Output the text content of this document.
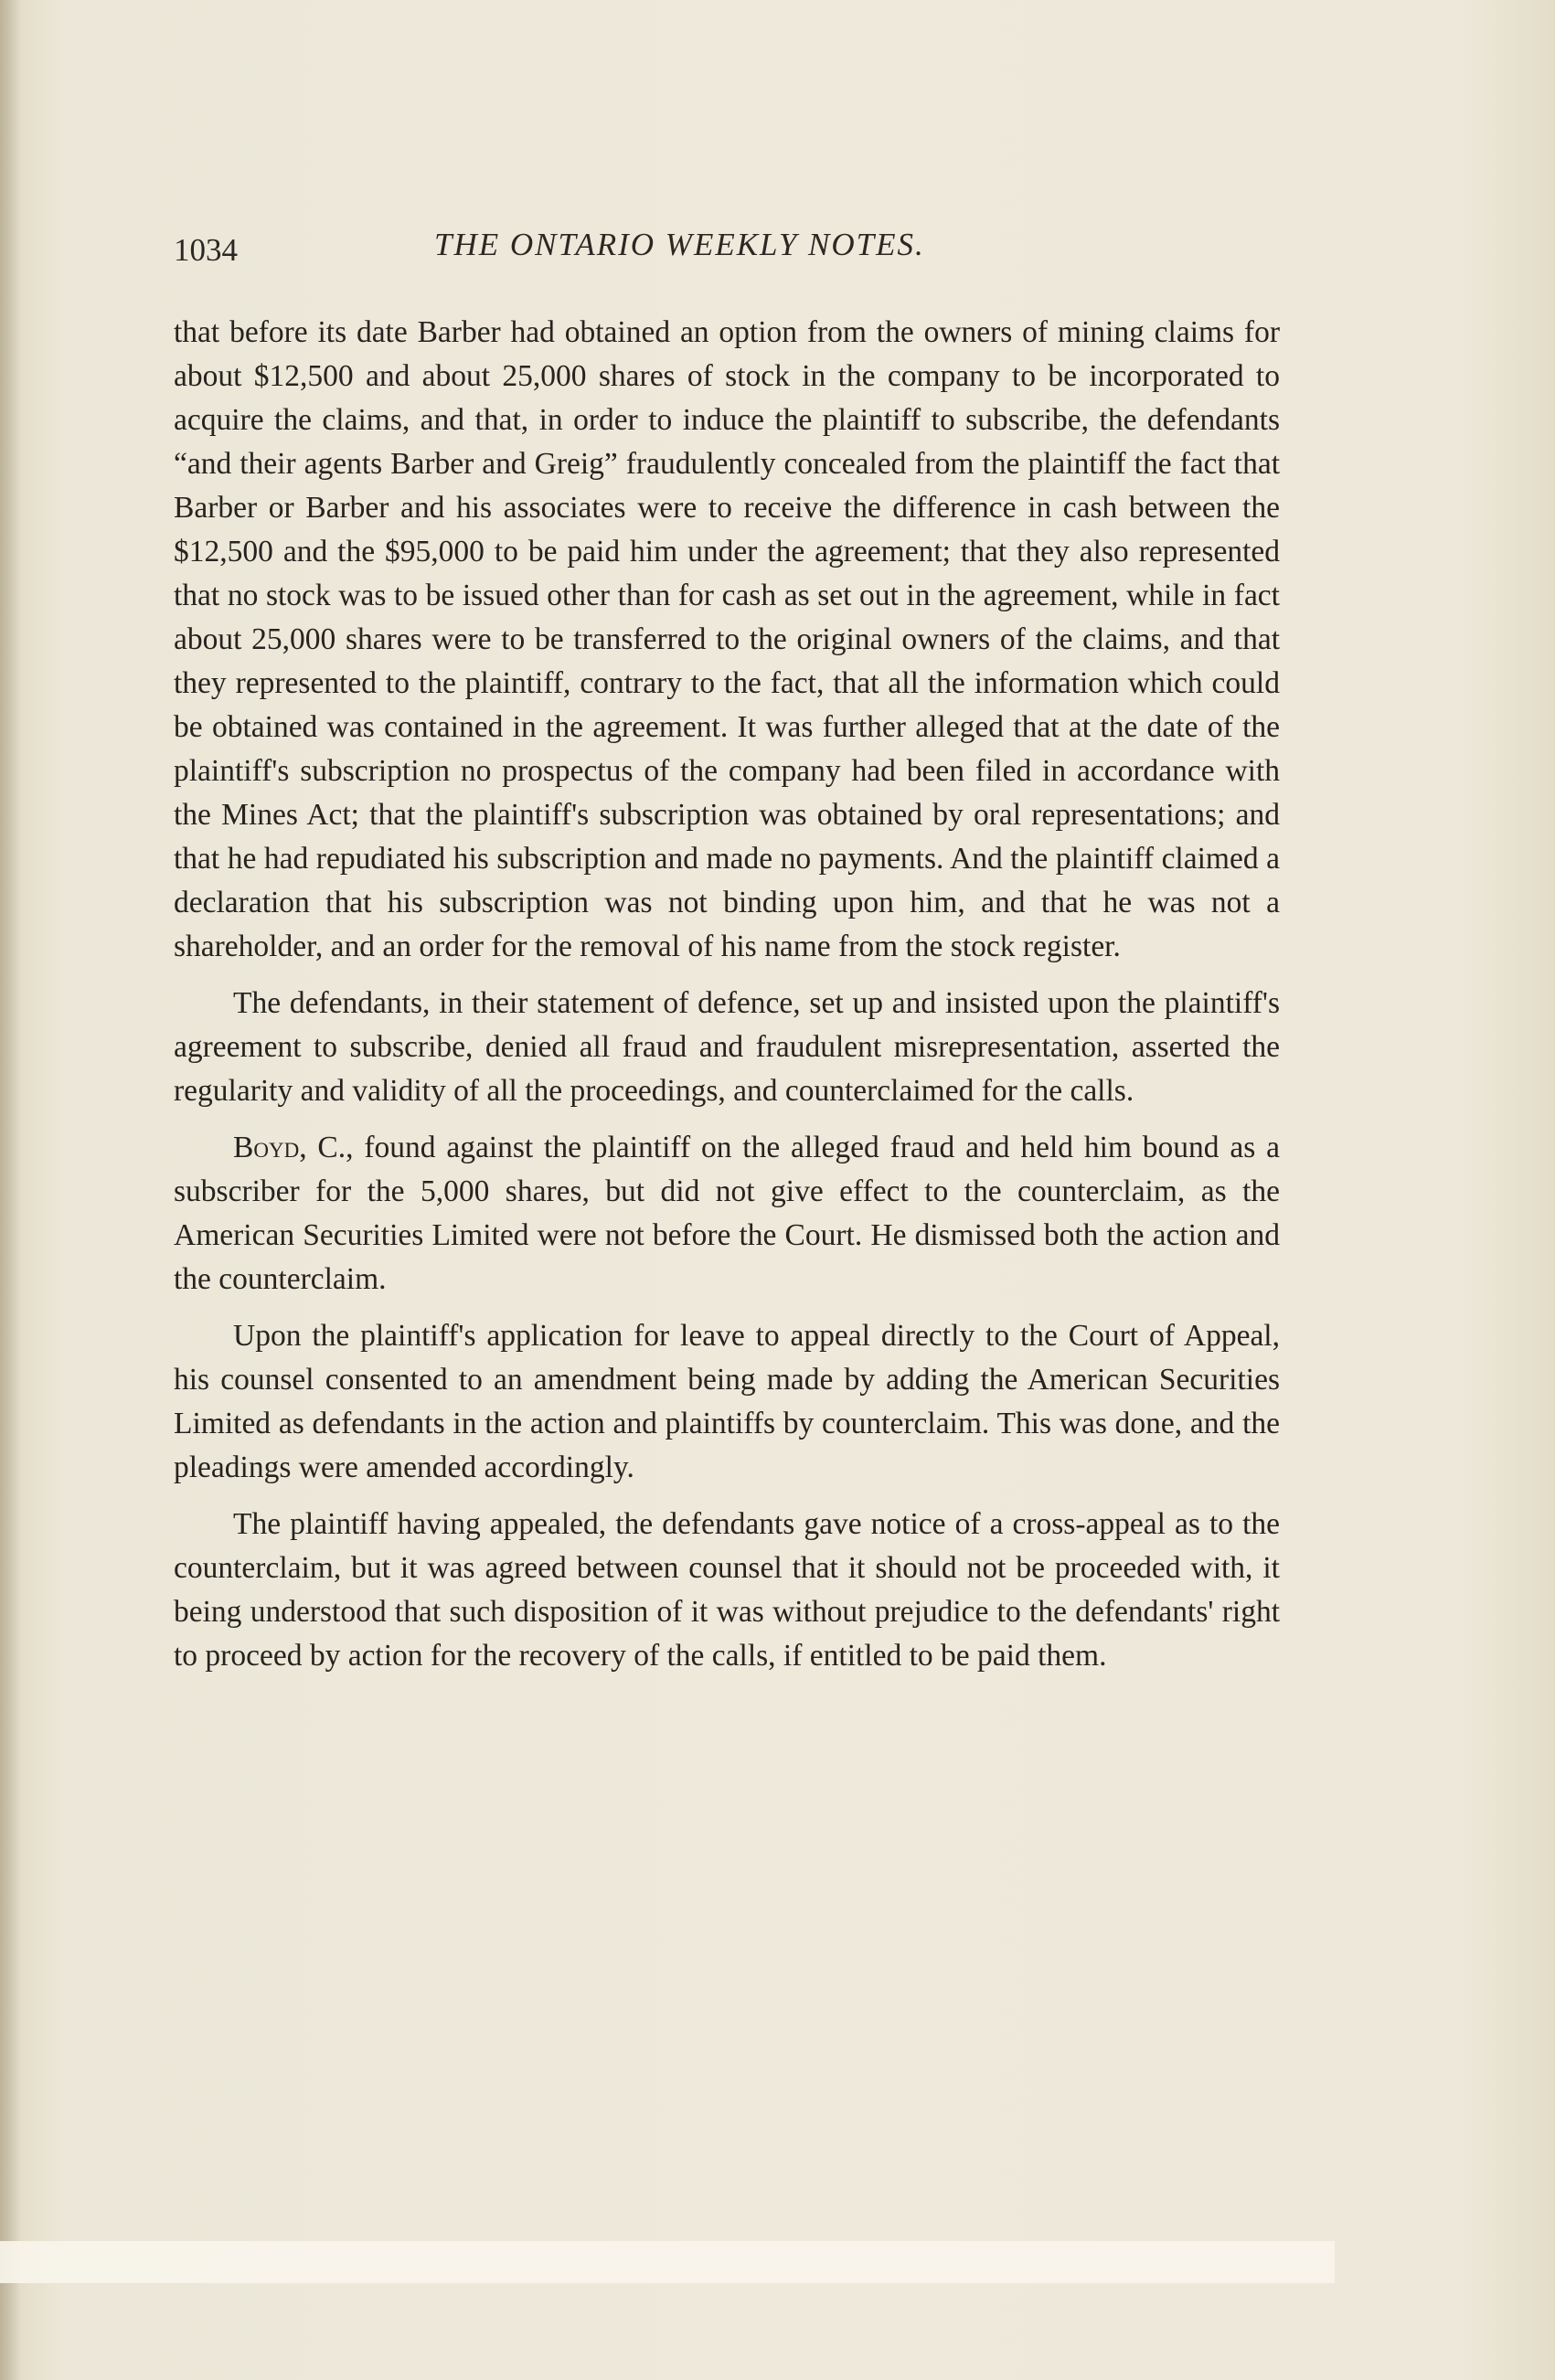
1034	THE ONTARIO WEEKLY NOTES.

that before its date Barber had obtained an option from the owners of mining claims for about $12,500 and about 25,000 shares of stock in the company to be incorporated to acquire the claims, and that, in order to induce the plaintiff to subscribe, the defendants “and their agents Barber and Greig” fraudulently concealed from the plaintiff the fact that Barber or Barber and his associates were to receive the difference in cash between the $12,500 and the $95,000 to be paid him under the agreement; that they also represented that no stock was to be issued other than for cash as set out in the agreement, while in fact about 25,000 shares were to be transferred to the original owners of the claims, and that they represented to the plaintiff, contrary to the fact, that all the information which could be obtained was contained in the agreement. It was further alleged that at the date of the plaintiff's subscription no prospectus of the company had been filed in accordance with the Mines Act; that the plaintiff's subscription was obtained by oral representations; and that he had repudiated his subscription and made no payments. And the plaintiff claimed a declaration that his subscription was not binding upon him, and that he was not a shareholder, and an order for the removal of his name from the stock register.

The defendants, in their statement of defence, set up and insisted upon the plaintiff's agreement to subscribe, denied all fraud and fraudulent misrepresentation, asserted the regularity and validity of all the proceedings, and counterclaimed for the calls.

Boyd, C., found against the plaintiff on the alleged fraud and held him bound as a subscriber for the 5,000 shares, but did not give effect to the counterclaim, as the American Securities Limited were not before the Court. He dismissed both the action and the counterclaim.

Upon the plaintiff's application for leave to appeal directly to the Court of Appeal, his counsel consented to an amendment being made by adding the American Securities Limited as defendants in the action and plaintiffs by counterclaim. This was done, and the pleadings were amended accordingly.

The plaintiff having appealed, the defendants gave notice of a cross-appeal as to the counterclaim, but it was agreed between counsel that it should not be proceeded with, it being understood that such disposition of it was without prejudice to the defendants' right to proceed by action for the recovery of the calls, if entitled to be paid them.
